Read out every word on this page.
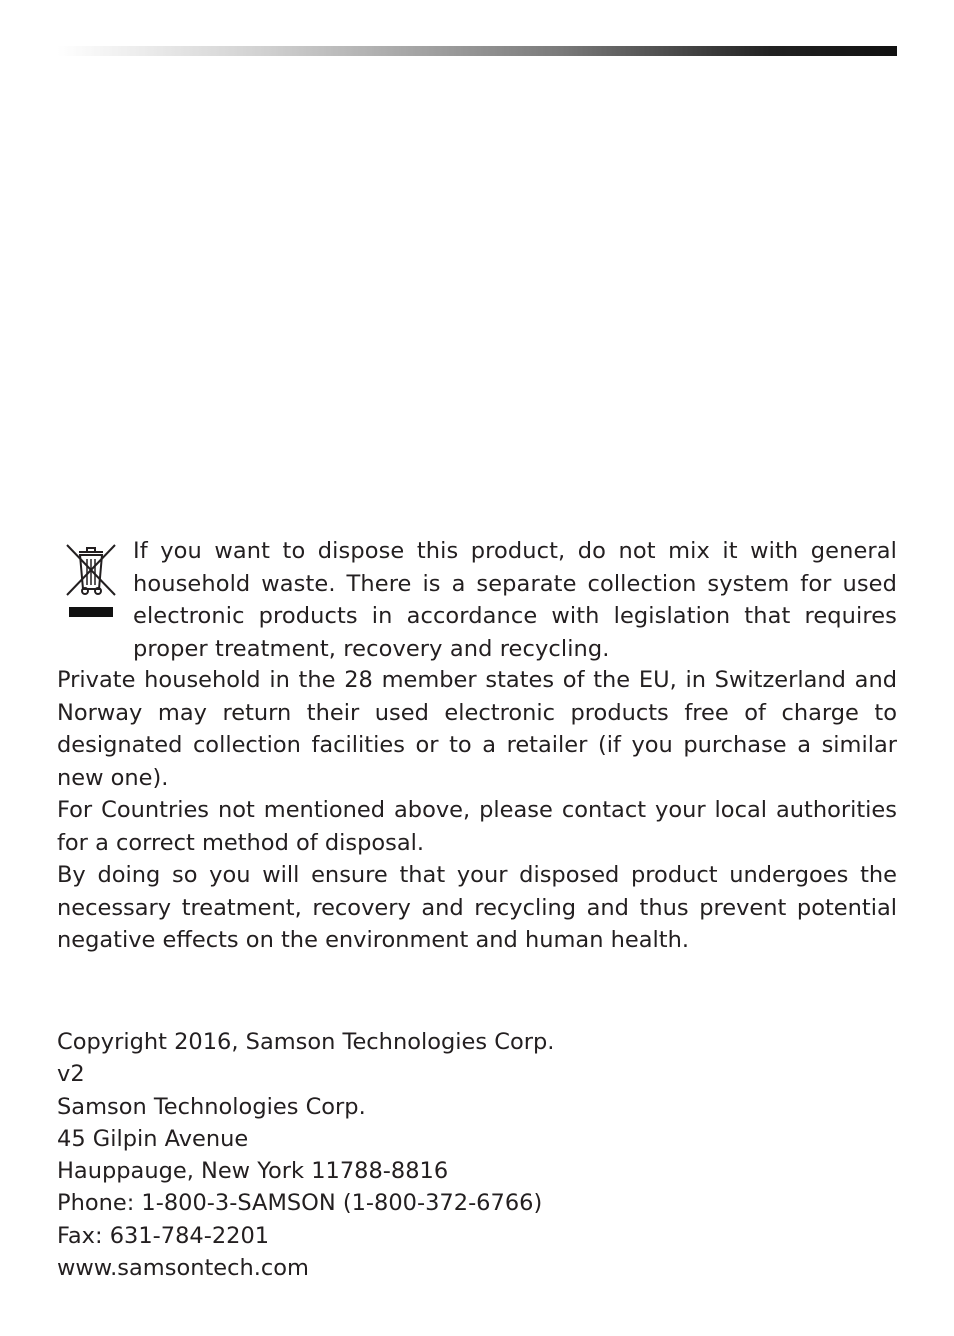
If you want to dispose this product, do not mix it with general household waste. There is a separate collection system for used electronic products in accordance with legislation that requires proper treatment, recovery and recycling.

Private household in the 28 member states of the EU, in Switzerland and Norway may return their used electronic products free of charge to designated collection facilities or to a retailer (if you purchase a similar new one).

For Countries not mentioned above, please contact your local authorities for a correct method of disposal.

By doing so you will ensure that your disposed product undergoes the necessary treatment, recovery and recycling and thus prevent potential negative effects on the environment and human health.

Copyright 2016, Samson Technologies Corp.
v2
Samson Technologies Corp.
45 Gilpin Avenue
Hauppauge, New York 11788-8816
Phone: 1-800-3-SAMSON (1-800-372-6766)
Fax: 631-784-2201
www.samsontech.com
